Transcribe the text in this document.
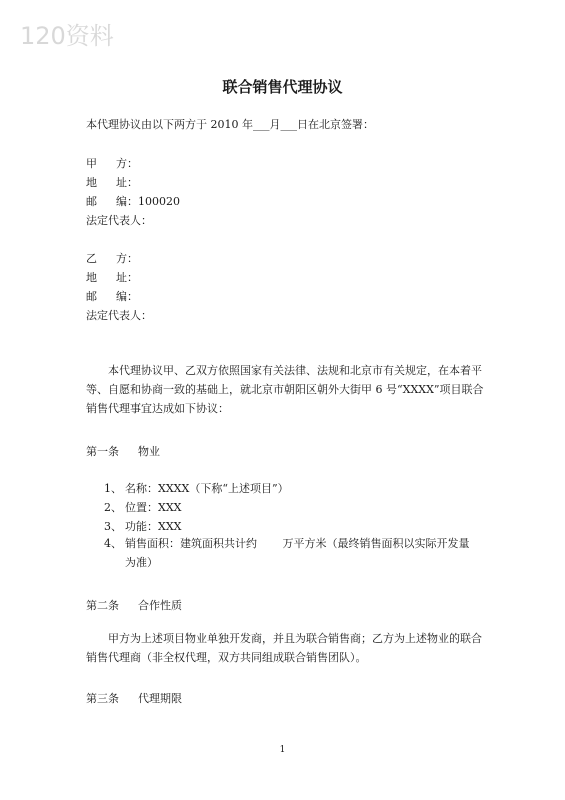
120资料
联合销售代理协议
本代理协议由以下两方于 2010 年___月___日在北京签署：
甲 方：
地 址：
邮 编：100020
法定代表人：
乙 方：
地 址：
邮 编：
法定代表人：
本代理协议甲、乙双方依照国家有关法律、法规和北京市有关规定，在本着平等、自愿和协商一致的基础上，就北京市朝阳区朝外大街甲 6 号“XXXX”项目联合销售代理事宜达成如下协议：
第一条 物业
1、 名称：XXXX（下称“上述项目”）
2、 位置：XXX
3、 功能：XXX
4、 销售面积：建筑面积共计约 　　万平方米（最终销售面积以实际开发量
为准）
第二条 合作性质
甲方为上述项目物业单独开发商，并且为联合销售商；乙方为上述物业的联合销售代理商（非全权代理，双方共同组成联合销售团队）。
第三条 代理期限
1
